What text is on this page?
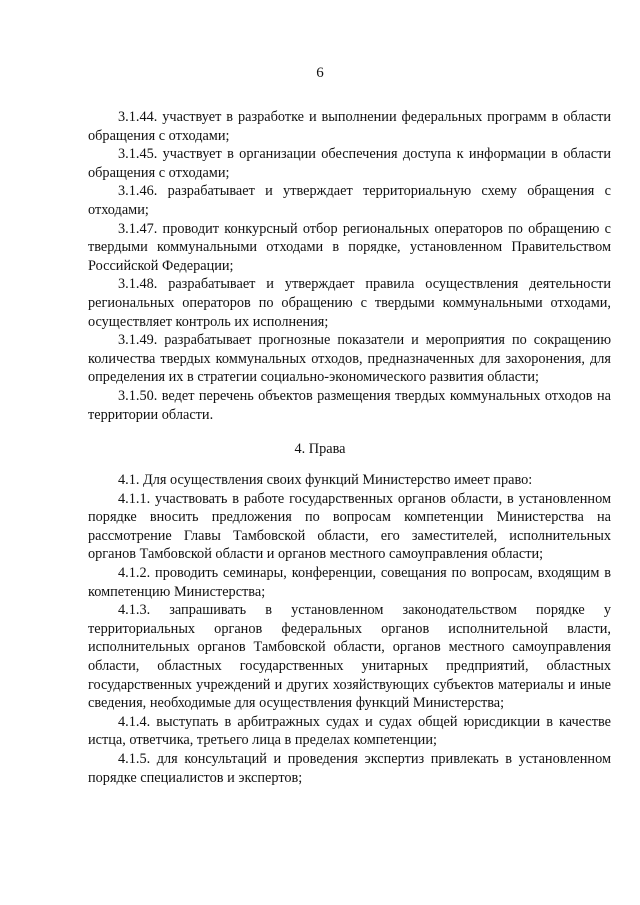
6

3.1.44. участвует в разработке и выполнении федеральных программ в области обращения с отходами;

3.1.45. участвует в организации обеспечения доступа к информации в области обращения с отходами;

3.1.46. разрабатывает и утверждает территориальную схему обращения с отходами;

3.1.47. проводит конкурсный отбор региональных операторов по обращению с твердыми коммунальными отходами в порядке, установленном Правительством Российской Федерации;

3.1.48. разрабатывает и утверждает правила осуществления деятельности региональных операторов по обращению с твердыми коммунальными отходами, осуществляет контроль их исполнения;

3.1.49. разрабатывает прогнозные показатели и мероприятия по сокращению количества твердых коммунальных отходов, предназначенных для захоронения, для определения их в стратегии социально-экономического развития области;

3.1.50. ведет перечень объектов размещения твердых коммунальных отходов на территории области.

4. Права

4.1. Для осуществления своих функций Министерство имеет право:

4.1.1. участвовать в работе государственных органов области, в установленном порядке вносить предложения по вопросам компетенции Министерства на рассмотрение Главы Тамбовской области, его заместителей, исполнительных органов Тамбовской области и органов местного самоуправления области;

4.1.2. проводить семинары, конференции, совещания по вопросам, входящим в компетенцию Министерства;

4.1.3. запрашивать в установленном законодательством порядке у территориальных органов федеральных органов исполнительной власти, исполнительных органов Тамбовской области, органов местного самоуправления области, областных государственных унитарных предприятий, областных государственных учреждений и других хозяйствующих субъектов материалы и иные сведения, необходимые для осуществления функций Министерства;

4.1.4. выступать в арбитражных судах и судах общей юрисдикции в качестве истца, ответчика, третьего лица в пределах компетенции;

4.1.5. для консультаций и проведения экспертиз привлекать в установленном порядке специалистов и экспертов;
